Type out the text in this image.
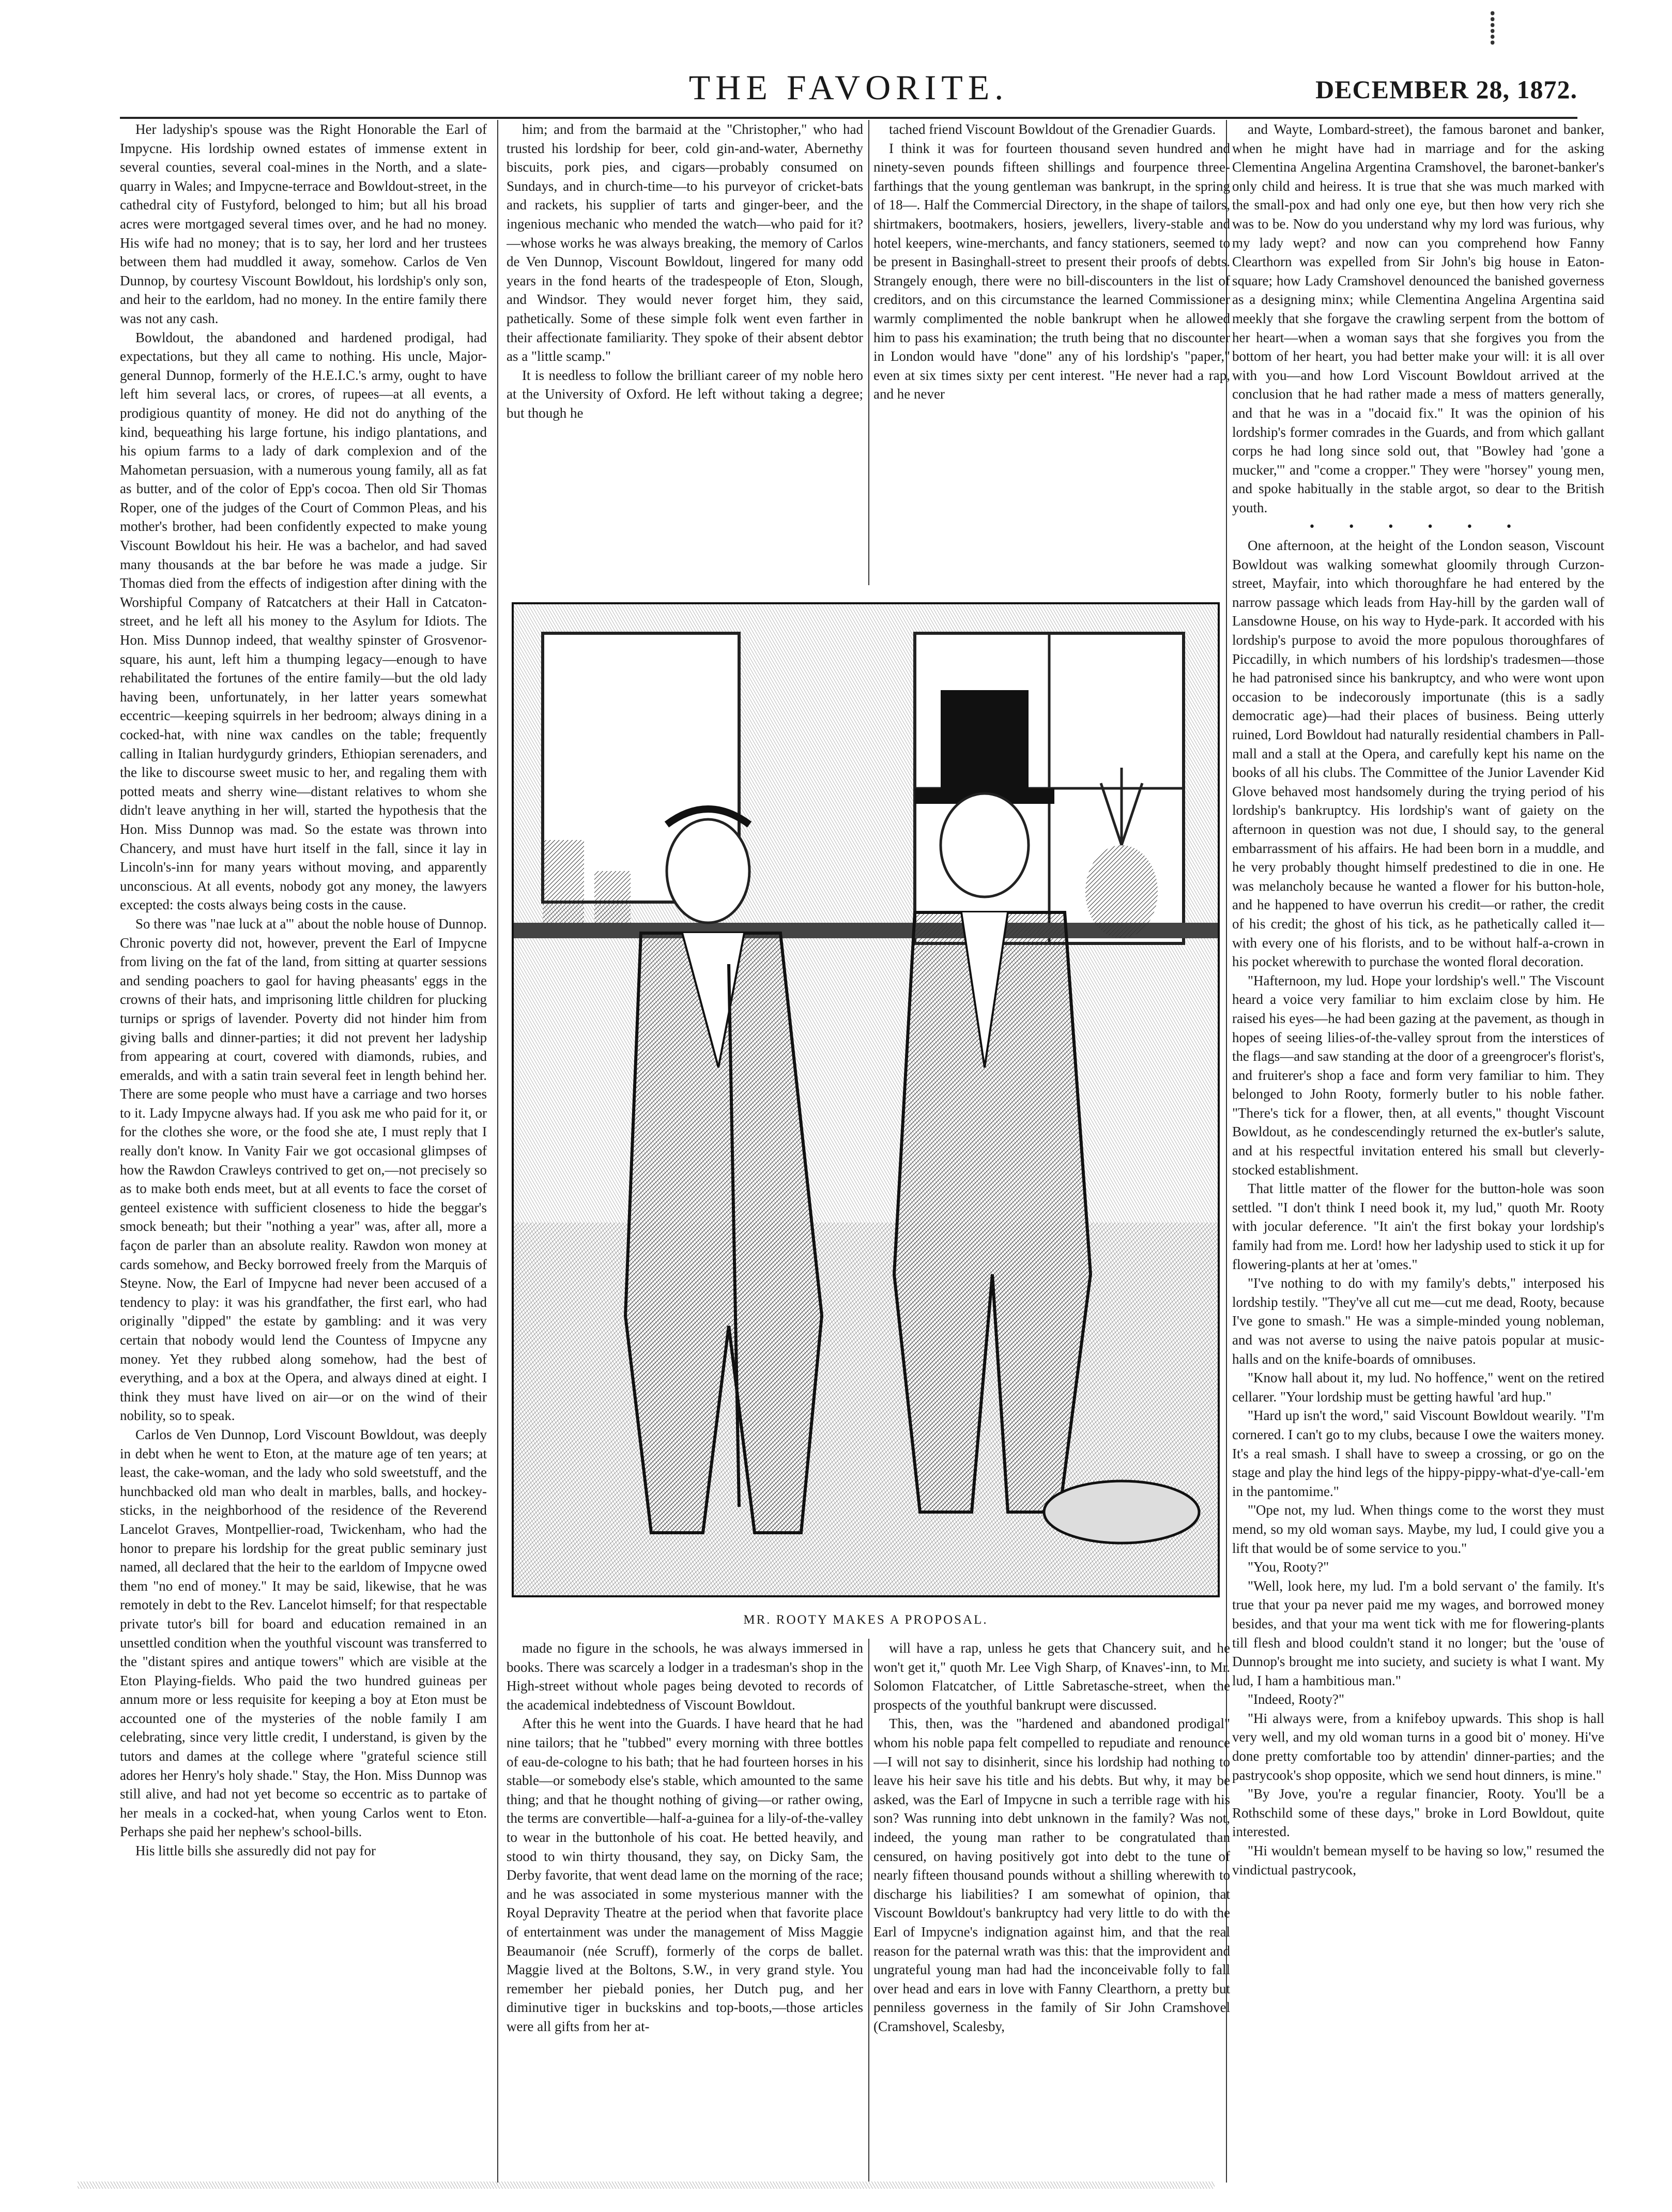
⸽
THE FAVORITE.	DECEMBER 28, 1872.

Her ladyship's spouse was the Right Honorable the Earl of Impycne. His lordship owned estates of immense extent in several counties, several coal-mines in the North, and a slate-quarry in Wales; and Impycne-terrace and Bowldout-street, in the cathedral city of Fustyford, belonged to him; but all his broad acres were mortgaged several times over, and he had no money. His wife had no money; that is to say, her lord and her trustees between them had muddled it away, somehow. Carlos de Ven Dunnop, by courtesy Viscount Bowldout, his lordship's only son, and heir to the earldom, had no money. In the entire family there was not any cash.

Bowldout, the abandoned and hardened prodigal, had expectations, but they all came to nothing. His uncle, Major-general Dunnop, formerly of the H.E.I.C.'s army, ought to have left him several lacs, or crores, of rupees—at all events, a prodigious quantity of money. He did not do anything of the kind, bequeathing his large fortune, his indigo plantations, and his opium farms to a lady of dark complexion and of the Mahometan persuasion, with a numerous young family, all as fat as butter, and of the color of Epp's cocoa. Then old Sir Thomas Roper, one of the judges of the Court of Common Pleas, and his mother's brother, had been confidently expected to make young Viscount Bowldout his heir. He was a bachelor, and had saved many thousands at the bar before he was made a judge. Sir Thomas died from the effects of indigestion after dining with the Worshipful Company of Ratcatchers at their Hall in Catcaton-street, and he left all his money to the Asylum for Idiots. The Hon. Miss Dunnop indeed, that wealthy spinster of Grosvenor-square, his aunt, left him a thumping legacy—enough to have rehabilitated the fortunes of the entire family—but the old lady having been, unfortunately, in her latter years somewhat eccentric—keeping squirrels in her bedroom; always dining in a cocked-hat, with nine wax candles on the table; frequently calling in Italian hurdygurdy grinders, Ethiopian serenaders, and the like to discourse sweet music to her, and regaling them with potted meats and sherry wine—distant relatives to whom she didn't leave anything in her will, started the hypothesis that the Hon. Miss Dunnop was mad. So the estate was thrown into Chancery, and must have hurt itself in the fall, since it lay in Lincoln's-inn for many years without moving, and apparently unconscious. At all events, nobody got any money, the lawyers excepted: the costs always being costs in the cause.

So there was "nae luck at a'" about the noble house of Dunnop. Chronic poverty did not, however, prevent the Earl of Impycne from living on the fat of the land, from sitting at quarter sessions and sending poachers to gaol for having pheasants' eggs in the crowns of their hats, and imprisoning little children for plucking turnips or sprigs of lavender. Poverty did not hinder him from giving balls and dinner-parties; it did not prevent her ladyship from appearing at court, covered with diamonds, rubies, and emeralds, and with a satin train several feet in length behind her. There are some people who must have a carriage and two horses to it. Lady Impycne always had. If you ask me who paid for it, or for the clothes she wore, or the food she ate, I must reply that I really don't know. In Vanity Fair we got occasional glimpses of how the Rawdon Crawleys contrived to get on,—not precisely so as to make both ends meet, but at all events to face the corset of genteel existence with sufficient closeness to hide the beggar's smock beneath; but their "nothing a year" was, after all, more a façon de parler than an absolute reality. Rawdon won money at cards somehow, and Becky borrowed freely from the Marquis of Steyne. Now, the Earl of Impycne had never been accused of a tendency to play: it was his grandfather, the first earl, who had originally "dipped" the estate by gambling: and it was very certain that nobody would lend the Countess of Impycne any money. Yet they rubbed along somehow, had the best of everything, and a box at the Opera, and always dined at eight. I think they must have lived on air—or on the wind of their nobility, so to speak.

Carlos de Ven Dunnop, Lord Viscount Bowldout, was deeply in debt when he went to Eton, at the mature age of ten years; at least, the cake-woman, and the lady who sold sweetstuff, and the hunchbacked old man who dealt in marbles, balls, and hockey-sticks, in the neighborhood of the residence of the Reverend Lancelot Graves, Montpellier-road, Twickenham, who had the honor to prepare his lordship for the great public seminary just named, all declared that the heir to the earldom of Impycne owed them "no end of money." It may be said, likewise, that he was remotely in debt to the Rev. Lancelot himself; for that respectable private tutor's bill for board and education remained in an unsettled condition when the youthful viscount was transferred to the "distant spires and antique towers" which are visible at the Eton Playing-fields. Who paid the two hundred guineas per annum more or less requisite for keeping a boy at Eton must be accounted one of the mysteries of the noble family I am celebrating, since very little credit, I understand, is given by the tutors and dames at the college where "grateful science still adores her Henry's holy shade." Stay, the Hon. Miss Dunnop was still alive, and had not yet become so eccentric as to partake of her meals in a cocked-hat, when young Carlos went to Eton. Perhaps she paid her nephew's school-bills.

His little bills she assuredly did not pay for

him; and from the barmaid at the "Christopher," who had trusted his lordship for beer, cold gin-and-water, Abernethy biscuits, pork pies, and cigars—probably consumed on Sundays, and in church-time—to his purveyor of cricket-bats and rackets, his supplier of tarts and ginger-beer, and the ingenious mechanic who mended the watch—who paid for it?—whose works he was always breaking, the memory of Carlos de Ven Dunnop, Viscount Bowldout, lingered for many odd years in the fond hearts of the tradespeople of Eton, Slough, and Windsor. They would never forget him, they said, pathetically. Some of these simple folk went even farther in their affectionate familiarity. They spoke of their absent debtor as a "little scamp."

It is needless to follow the brilliant career of my noble hero at the University of Oxford. He left without taking a degree; but though he

tached friend Viscount Bowldout of the Grenadier Guards.

I think it was for fourteen thousand seven hundred and ninety-seven pounds fifteen shillings and fourpence three-farthings that the young gentleman was bankrupt, in the spring of 18—. Half the Commercial Directory, in the shape of tailors, shirtmakers, bootmakers, hosiers, jewellers, livery-stable and hotel keepers, wine-merchants, and fancy stationers, seemed to be present in Basinghall-street to present their proofs of debts. Strangely enough, there were no bill-discounters in the list of creditors, and on this circumstance the learned Commissioner warmly complimented the noble bankrupt when he allowed him to pass his examination; the truth being that no discounter in London would have "done" any of his lordship's "paper," even at six times sixty per cent interest. "He never had a rap, and he never

MR. ROOTY MAKES A PROPOSAL.

made no figure in the schools, he was always immersed in books. There was scarcely a lodger in a tradesman's shop in the High-street without whole pages being devoted to records of the academical indebtedness of Viscount Bowldout.

After this he went into the Guards. I have heard that he had nine tailors; that he "tubbed" every morning with three bottles of eau-de-cologne to his bath; that he had fourteen horses in his stable—or somebody else's stable, which amounted to the same thing; and that he thought nothing of giving—or rather owing, the terms are convertible—half-a-guinea for a lily-of-the-valley to wear in the buttonhole of his coat. He betted heavily, and stood to win thirty thousand, they say, on Dicky Sam, the Derby favorite, that went dead lame on the morning of the race; and he was associated in some mysterious manner with the Royal Depravity Theatre at the period when that favorite place of entertainment was under the management of Miss Maggie Beaumanoir (née Scruff), formerly of the corps de ballet. Maggie lived at the Boltons, S.W., in very grand style. You remember her piebald ponies, her Dutch pug, and her diminutive tiger in buckskins and top-boots,—those articles were all gifts from her at-

will have a rap, unless he gets that Chancery suit, and he won't get it," quoth Mr. Lee Vigh Sharp, of Knaves'-inn, to Mr. Solomon Flatcatcher, of Little Sabretasche-street, when the prospects of the youthful bankrupt were discussed.

This, then, was the "hardened and abandoned prodigal" whom his noble papa felt compelled to repudiate and renounce—I will not say to disinherit, since his lordship had nothing to leave his heir save his title and his debts. But why, it may be asked, was the Earl of Impycne in such a terrible rage with his son? Was running into debt unknown in the family? Was not, indeed, the young man rather to be congratulated than censured, on having positively got into debt to the tune of nearly fifteen thousand pounds without a shilling wherewith to discharge his liabilities? I am somewhat of opinion, that Viscount Bowldout's bankruptcy had very little to do with the Earl of Impycne's indignation against him, and that the real reason for the paternal wrath was this: that the improvident and ungrateful young man had had the inconceivable folly to fall over head and ears in love with Fanny Clearthorn, a pretty but penniless governess in the family of Sir John Cramshovel (Cramshovel, Scalesby,

and Wayte, Lombard-street), the famous baronet and banker, when he might have had in marriage and for the asking Clementina Angelina Argentina Cramshovel, the baronet-banker's only child and heiress. It is true that she was much marked with the small-pox and had only one eye, but then how very rich she was to be. Now do you understand why my lord was furious, why my lady wept? and now can you comprehend how Fanny Clearthorn was expelled from Sir John's big house in Eaton-square; how Lady Cramshovel denounced the banished governess as a designing minx; while Clementina Angelina Argentina said meekly that she forgave the crawling serpent from the bottom of her heart—when a woman says that she forgives you from the bottom of her heart, you had better make your will: it is all over with you—and how Lord Viscount Bowldout arrived at the conclusion that he had rather made a mess of matters generally, and that he was in a "docaid fix." It was the opinion of his lordship's former comrades in the Guards, and from which gallant corps he had long since sold out, that "Bowley had 'gone a mucker,'" and "come a cropper." They were "horsey" young men, and spoke habitually in the stable argot, so dear to the British youth.

• • • • • •

One afternoon, at the height of the London season, Viscount Bowldout was walking somewhat gloomily through Curzon-street, Mayfair, into which thoroughfare he had entered by the narrow passage which leads from Hay-hill by the garden wall of Lansdowne House, on his way to Hyde-park. It accorded with his lordship's purpose to avoid the more populous thoroughfares of Piccadilly, in which numbers of his lordship's tradesmen—those he had patronised since his bankruptcy, and who were wont upon occasion to be indecorously importunate (this is a sadly democratic age)—had their places of business. Being utterly ruined, Lord Bowldout had naturally residential chambers in Pall-mall and a stall at the Opera, and carefully kept his name on the books of all his clubs. The Committee of the Junior Lavender Kid Glove behaved most handsomely during the trying period of his lordship's bankruptcy. His lordship's want of gaiety on the afternoon in question was not due, I should say, to the general embarrassment of his affairs. He had been born in a muddle, and he very probably thought himself predestined to die in one. He was melancholy because he wanted a flower for his button-hole, and he happened to have overrun his credit—or rather, the credit of his credit; the ghost of his tick, as he pathetically called it—with every one of his florists, and to be without half-a-crown in his pocket wherewith to purchase the wonted floral decoration.

"Hafternoon, my lud. Hope your lordship's well." The Viscount heard a voice very familiar to him exclaim close by him. He raised his eyes—he had been gazing at the pavement, as though in hopes of seeing lilies-of-the-valley sprout from the interstices of the flags—and saw standing at the door of a greengrocer's florist's, and fruiterer's shop a face and form very familiar to him. They belonged to John Rooty, formerly butler to his noble father. "There's tick for a flower, then, at all events," thought Viscount Bowldout, as he condescendingly returned the ex-butler's salute, and at his respectful invitation entered his small but cleverly-stocked establishment.

That little matter of the flower for the button-hole was soon settled. "I don't think I need book it, my lud," quoth Mr. Rooty with jocular deference. "It ain't the first bokay your lordship's family had from me. Lord! how her ladyship used to stick it up for flowering-plants at her at 'omes."

"I've nothing to do with my family's debts," interposed his lordship testily. "They've all cut me—cut me dead, Rooty, because I've gone to smash." He was a simple-minded young nobleman, and was not averse to using the naive patois popular at music-halls and on the knife-boards of omnibuses.

"Know hall about it, my lud. No hoffence," went on the retired cellarer. "Your lordship must be getting hawful 'ard hup."

"Hard up isn't the word," said Viscount Bowldout wearily. "I'm cornered. I can't go to my clubs, because I owe the waiters money. It's a real smash. I shall have to sweep a crossing, or go on the stage and play the hind legs of the hippy-pippy-what-d'ye-call-'em in the pantomime."

"'Ope not, my lud. When things come to the worst they must mend, so my old woman says. Maybe, my lud, I could give you a lift that would be of some service to you."

"You, Rooty?"

"Well, look here, my lud. I'm a bold servant o' the family. It's true that your pa never paid me my wages, and borrowed money besides, and that your ma went tick with me for flowering-plants till flesh and blood couldn't stand it no longer; but the 'ouse of Dunnop's brought me into suciety, and suciety is what I want. My lud, I ham a hambitious man."

"Indeed, Rooty?"

"Hi always were, from a knifeboy upwards. This shop is hall very well, and my old woman turns in a good bit o' money. Hi've done pretty comfortable too by attendin' dinner-parties; and the pastrycook's shop opposite, which we send hout dinners, is mine."

"By Jove, you're a regular financier, Rooty. You'll be a Rothschild some of these days," broke in Lord Bowldout, quite interested.

"Hi wouldn't bemean myself to be having so low," resumed the vindictual pastrycook,
